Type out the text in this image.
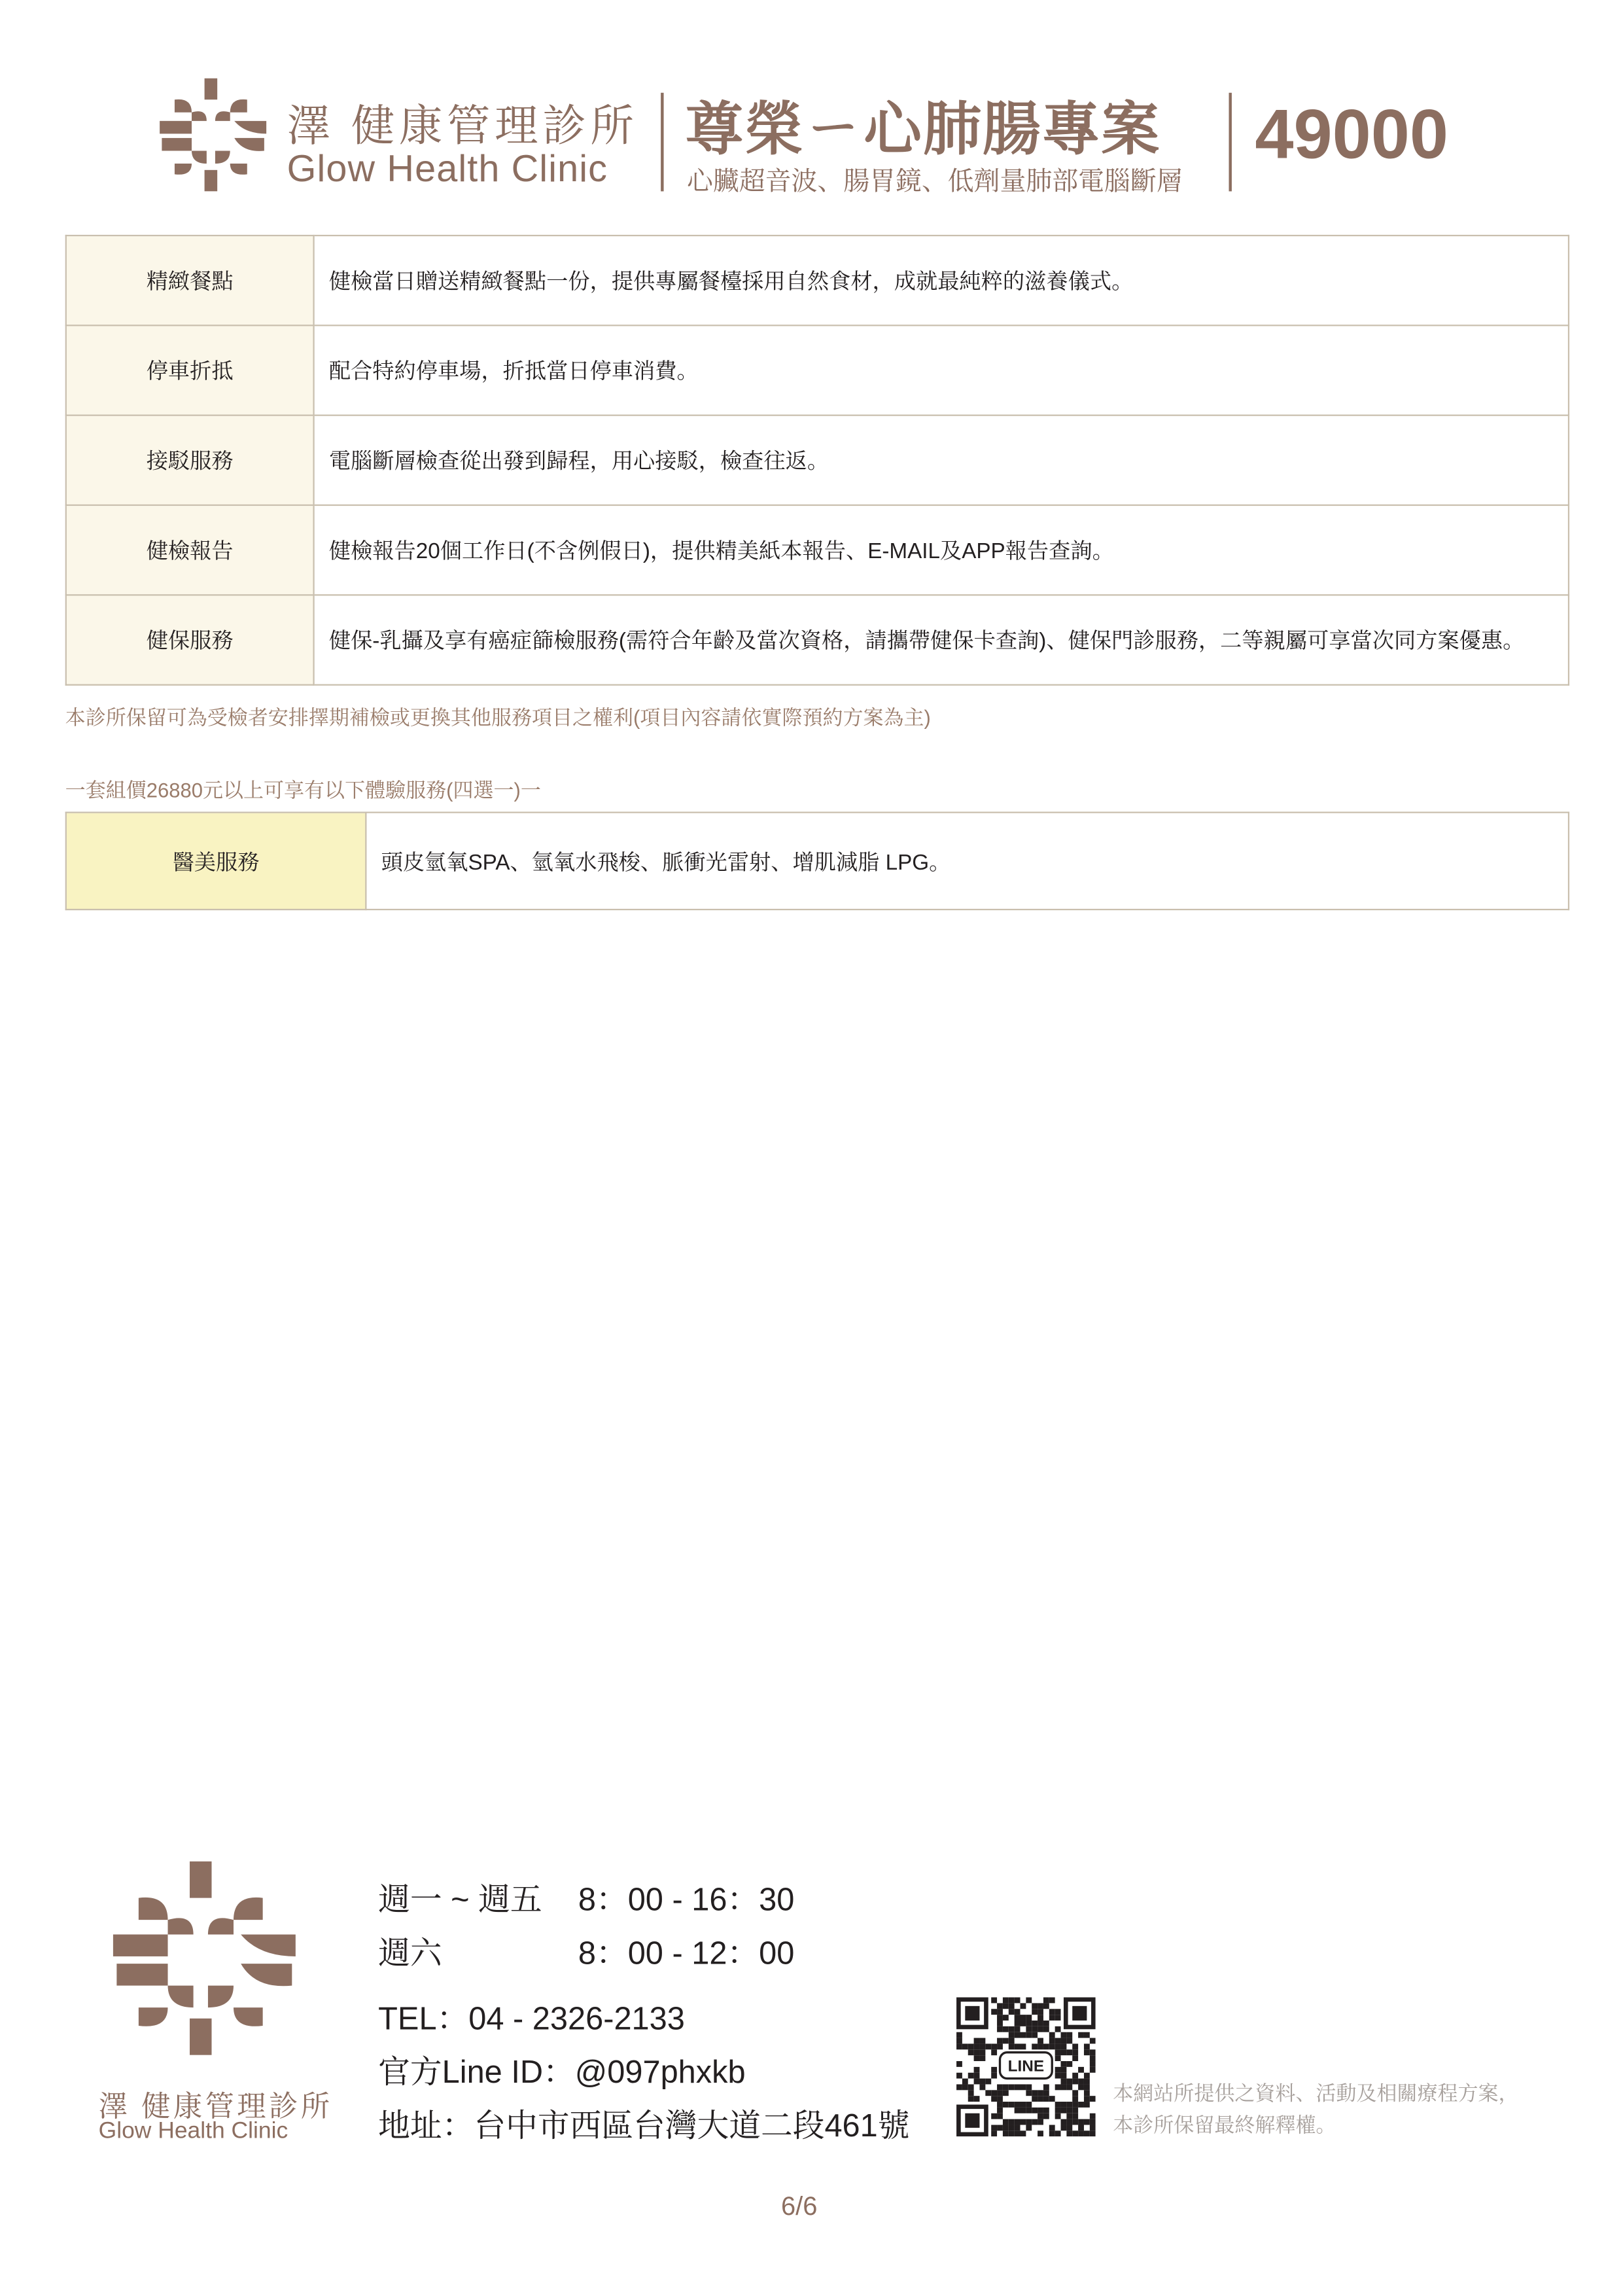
澤 健康管理診所
Glow Health Clinic
尊榮ㄧ心肺腸專案
心臟超音波、腸胃鏡、低劑量肺部電腦斷層
49000
精緻餐點	健檢當日贈送精緻餐點一份，提供專屬餐檯採用自然食材，成就最純粹的滋養儀式。
停車折抵	配合特約停車場，折抵當日停車消費。
接駁服務	電腦斷層檢查從出發到歸程，用心接駁，檢查往返。
健檢報告	健檢報告20個工作日(不含例假日)，提供精美紙本報告、E-MAIL及APP報告查詢。
健保服務	健保-乳攝及享有癌症篩檢服務(需符合年齡及當次資格，請攜帶健保卡查詢)、健保門診服務，二等親屬可享當次同方案優惠。
本診所保留可為受檢者安排擇期補檢或更換其他服務項目之權利(項目內容請依實際預約方案為主)
一套組價26880元以上可享有以下體驗服務(四選一)一
醫美服務	頭皮氫氧SPA、氫氧水飛梭、脈衝光雷射、增肌減脂 LPG。
澤 健康管理診所
Glow Health Clinic
週一 ~ 週五	8：00 - 16：30
週六	8：00 - 12：00
TEL：04 - 2326-2133
官方Line ID：@097phxkb
地址：台中市西區台灣大道二段461號
LINE
本網站所提供之資料、活動及相關療程方案，
本診所保留最終解釋權。
6/6
